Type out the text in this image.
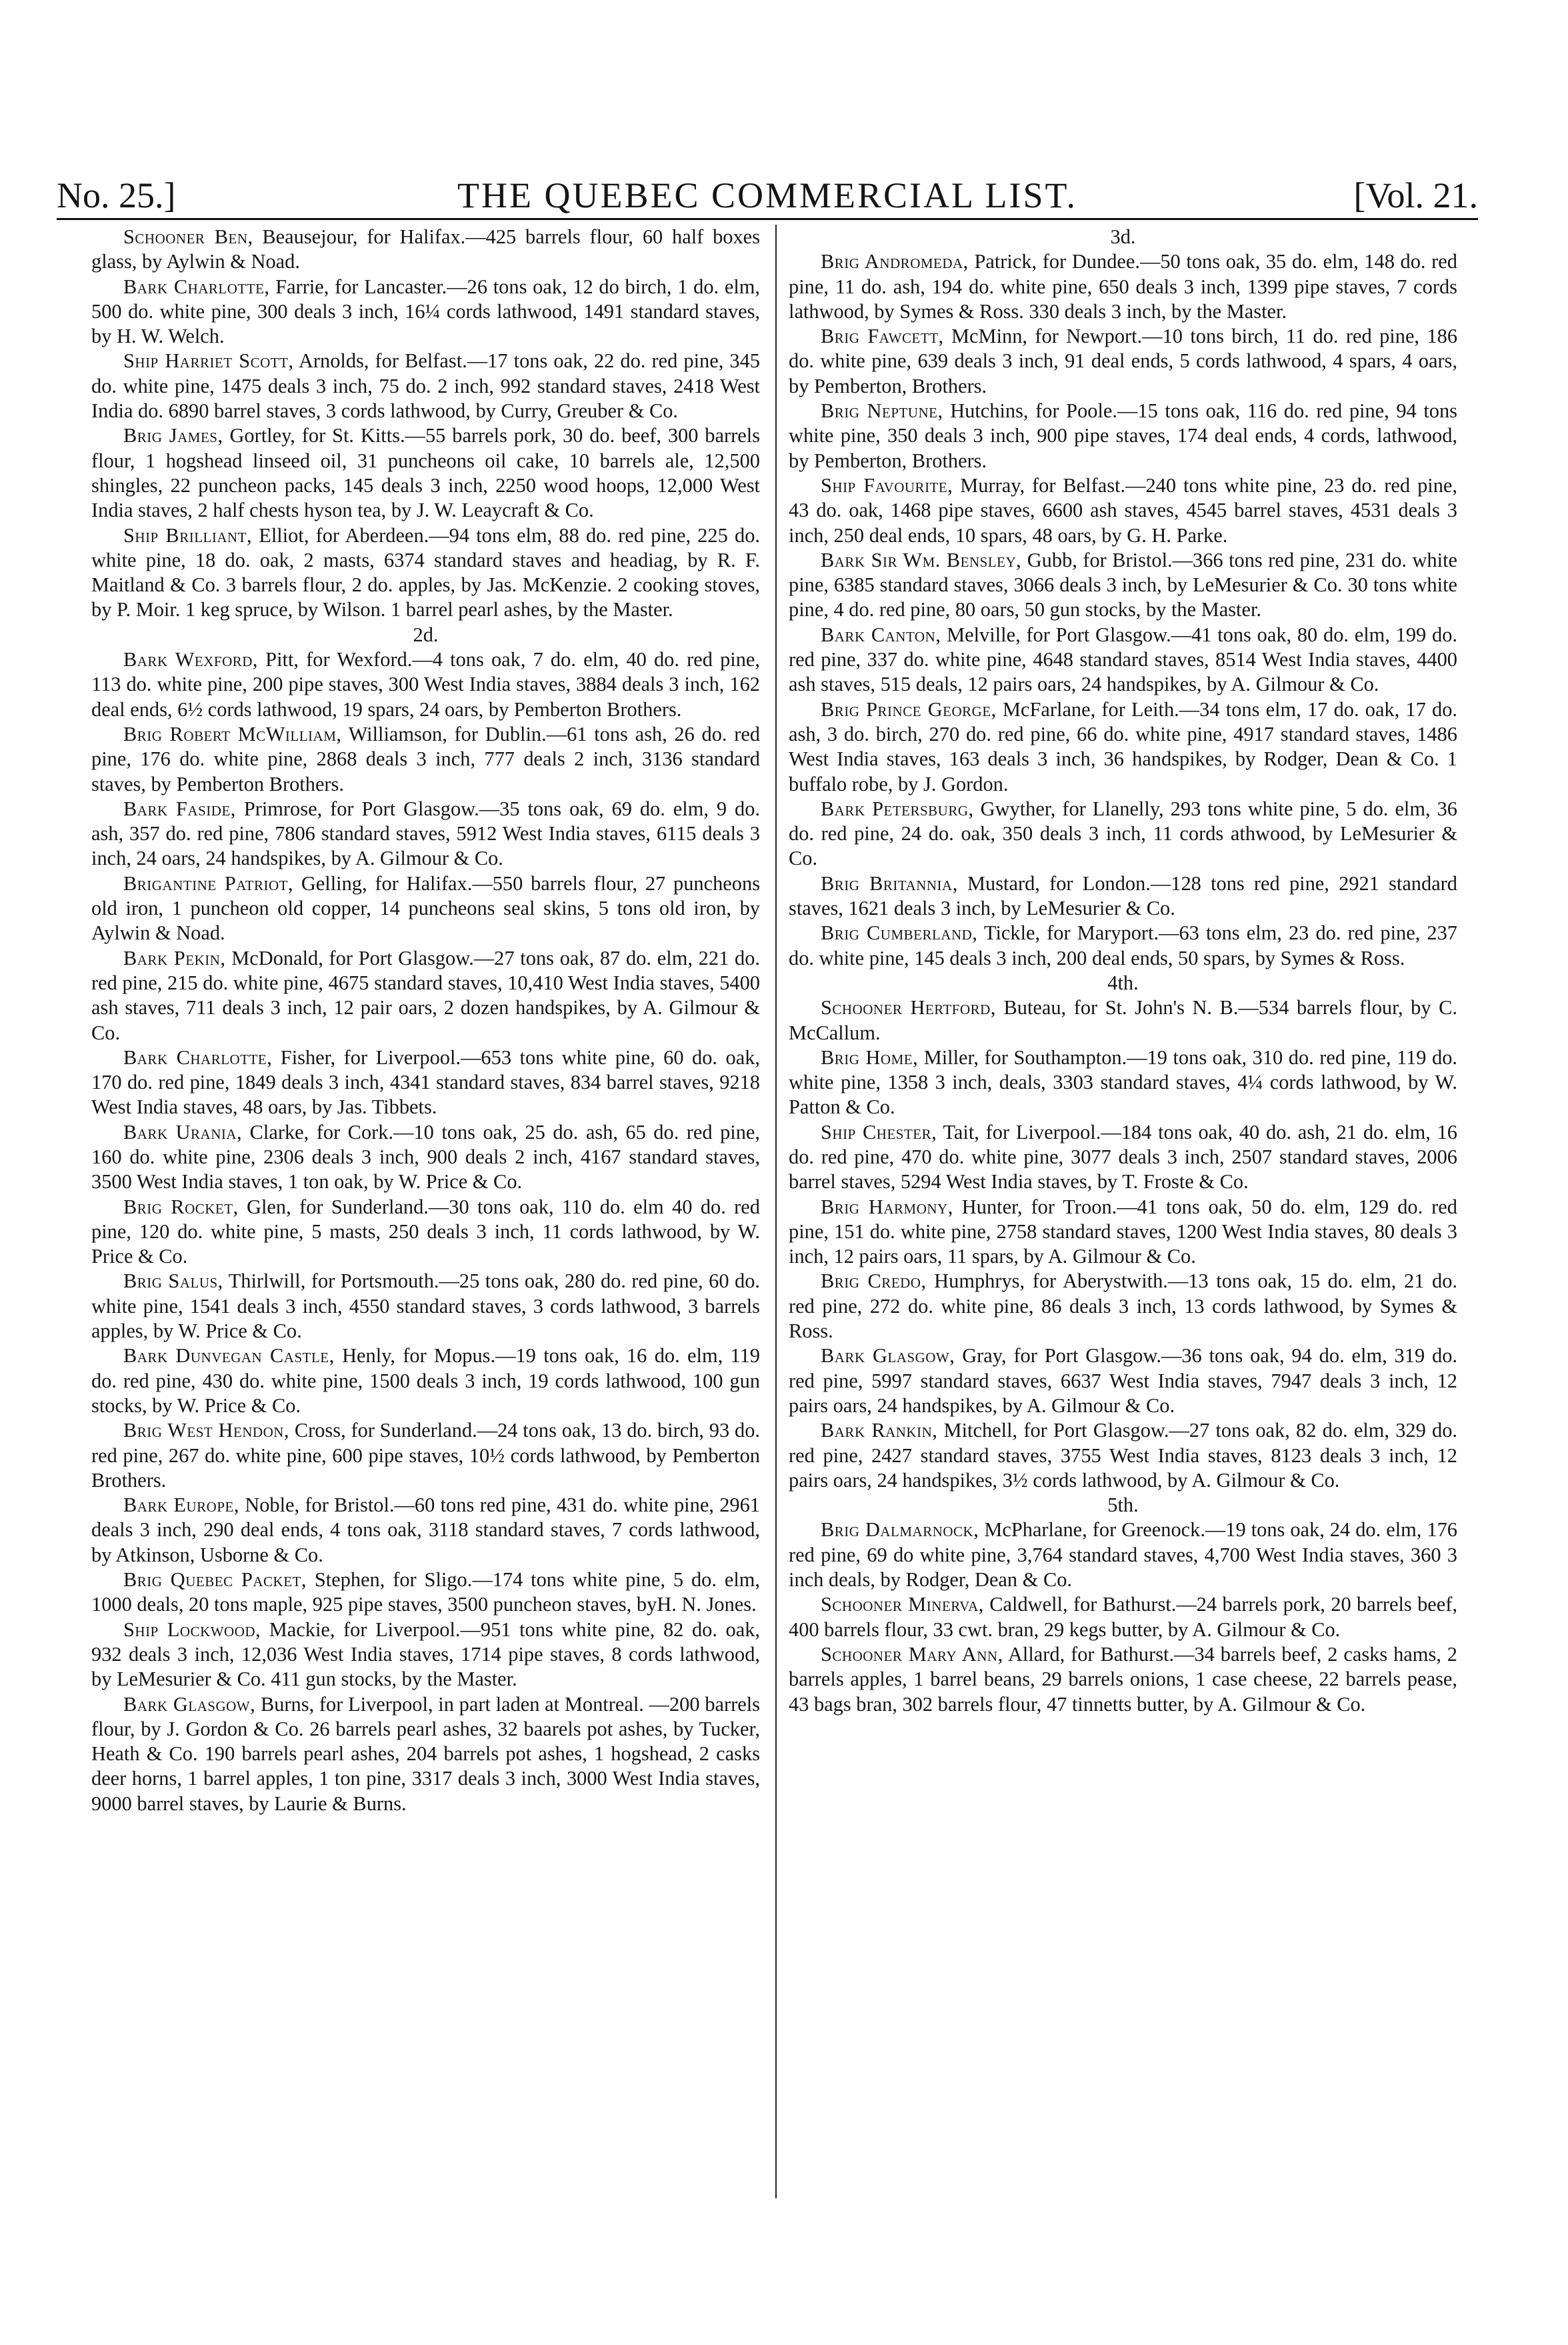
No. 25.]	THE QUEBEC COMMERCIAL LIST.	[Vol. 21.

Schooner Ben, Beausejour, for Halifax.—425 barrels flour, 60 half boxes glass, by Aylwin & Noad.

Bark Charlotte, Farrie, for Lancaster.—26 tons oak, 12 do birch, 1 do. elm, 500 do. white pine, 300 deals 3 inch, 16¼ cords lathwood, 1491 standard staves, by H. W. Welch.

Ship Harriet Scott, Arnolds, for Belfast.—17 tons oak, 22 do. red pine, 345 do. white pine, 1475 deals 3 inch, 75 do. 2 inch, 992 standard staves, 2418 West India do. 6890 barrel staves, 3 cords lathwood, by Curry, Greuber & Co.

Brig James, Gortley, for St. Kitts.—55 barrels pork, 30 do. beef, 300 barrels flour, 1 hogshead linseed oil, 31 puncheons oil cake, 10 barrels ale, 12,500 shingles, 22 puncheon packs, 145 deals 3 inch, 2250 wood hoops, 12,000 West India staves, 2 half chests hyson tea, by J. W. Leaycraft & Co.

Ship Brilliant, Elliot, for Aberdeen.—94 tons elm, 88 do. red pine, 225 do. white pine, 18 do. oak, 2 masts, 6374 standard staves and headiag, by R. F. Maitland & Co. 3 barrels flour, 2 do. apples, by Jas. McKenzie. 2 cooking stoves, by P. Moir. 1 keg spruce, by Wilson. 1 barrel pearl ashes, by the Master.

2d.

Bark Wexford, Pitt, for Wexford.—4 tons oak, 7 do. elm, 40 do. red pine, 113 do. white pine, 200 pipe staves, 300 West India staves, 3884 deals 3 inch, 162 deal ends, 6½ cords lathwood, 19 spars, 24 oars, by Pemberton Brothers.

Brig Robert McWilliam, Williamson, for Dublin.—61 tons ash, 26 do. red pine, 176 do. white pine, 2868 deals 3 inch, 777 deals 2 inch, 3136 standard staves, by Pemberton Brothers.

Bark Faside, Primrose, for Port Glasgow.—35 tons oak, 69 do. elm, 9 do. ash, 357 do. red pine, 7806 standard staves, 5912 West India staves, 6115 deals 3 inch, 24 oars, 24 handspikes, by A. Gilmour & Co.

Brigantine Patriot, Gelling, for Halifax.—550 barrels flour, 27 puncheons old iron, 1 puncheon old copper, 14 puncheons seal skins, 5 tons old iron, by Aylwin & Noad.

Bark Pekin, McDonald, for Port Glasgow.—27 tons oak, 87 do. elm, 221 do. red pine, 215 do. white pine, 4675 standard staves, 10,410 West India staves, 5400 ash staves, 711 deals 3 inch, 12 pair oars, 2 dozen handspikes, by A. Gilmour & Co.

Bark Charlotte, Fisher, for Liverpool.—653 tons white pine, 60 do. oak, 170 do. red pine, 1849 deals 3 inch, 4341 standard staves, 834 barrel staves, 9218 West India staves, 48 oars, by Jas. Tibbets.

Bark Urania, Clarke, for Cork.—10 tons oak, 25 do. ash, 65 do. red pine, 160 do. white pine, 2306 deals 3 inch, 900 deals 2 inch, 4167 standard staves, 3500 West India staves, 1 ton oak, by W. Price & Co.

Brig Rocket, Glen, for Sunderland.—30 tons oak, 110 do. elm 40 do. red pine, 120 do. white pine, 5 masts, 250 deals 3 inch, 11 cords lathwood, by W. Price & Co.

Brig Salus, Thirlwill, for Portsmouth.—25 tons oak, 280 do. red pine, 60 do. white pine, 1541 deals 3 inch, 4550 standard staves, 3 cords lathwood, 3 barrels apples, by W. Price & Co.

Bark Dunvegan Castle, Henly, for Mopus.—19 tons oak, 16 do. elm, 119 do. red pine, 430 do. white pine, 1500 deals 3 inch, 19 cords lathwood, 100 gun stocks, by W. Price & Co.

Brig West Hendon, Cross, for Sunderland.—24 tons oak, 13 do. birch, 93 do. red pine, 267 do. white pine, 600 pipe staves, 10½ cords lathwood, by Pemberton Brothers.

Bark Europe, Noble, for Bristol.—60 tons red pine, 431 do. white pine, 2961 deals 3 inch, 290 deal ends, 4 tons oak, 3118 standard staves, 7 cords lathwood, by Atkinson, Usborne & Co.

Brig Quebec Packet, Stephen, for Sligo.—174 tons white pine, 5 do. elm, 1000 deals, 20 tons maple, 925 pipe staves, 3500 puncheon staves, byH. N. Jones.

Ship Lockwood, Mackie, for Liverpool.—951 tons white pine, 82 do. oak, 932 deals 3 inch, 12,036 West India staves, 1714 pipe staves, 8 cords lathwood, by LeMesurier & Co. 411 gun stocks, by the Master.

Bark Glasgow, Burns, for Liverpool, in part laden at Montreal. —200 barrels flour, by J. Gordon & Co. 26 barrels pearl ashes, 32 baarels pot ashes, by Tucker, Heath & Co. 190 barrels pearl ashes, 204 barrels pot ashes, 1 hogshead, 2 casks deer horns, 1 barrel apples, 1 ton pine, 3317 deals 3 inch, 3000 West India staves, 9000 barrel staves, by Laurie & Burns.

3d.

Brig Andromeda, Patrick, for Dundee.—50 tons oak, 35 do. elm, 148 do. red pine, 11 do. ash, 194 do. white pine, 650 deals 3 inch, 1399 pipe staves, 7 cords lathwood, by Symes & Ross. 330 deals 3 inch, by the Master.

Brig Fawcett, McMinn, for Newport.—10 tons birch, 11 do. red pine, 186 do. white pine, 639 deals 3 inch, 91 deal ends, 5 cords lathwood, 4 spars, 4 oars, by Pemberton, Brothers.

Brig Neptune, Hutchins, for Poole.—15 tons oak, 116 do. red pine, 94 tons white pine, 350 deals 3 inch, 900 pipe staves, 174 deal ends, 4 cords, lathwood, by Pemberton, Brothers.

Ship Favourite, Murray, for Belfast.—240 tons white pine, 23 do. red pine, 43 do. oak, 1468 pipe staves, 6600 ash staves, 4545 barrel staves, 4531 deals 3 inch, 250 deal ends, 10 spars, 48 oars, by G. H. Parke.

Bark Sir Wm. Bensley, Gubb, for Bristol.—366 tons red pine, 231 do. white pine, 6385 standard staves, 3066 deals 3 inch, by LeMesurier & Co. 30 tons white pine, 4 do. red pine, 80 oars, 50 gun stocks, by the Master.

Bark Canton, Melville, for Port Glasgow.—41 tons oak, 80 do. elm, 199 do. red pine, 337 do. white pine, 4648 standard staves, 8514 West India staves, 4400 ash staves, 515 deals, 12 pairs oars, 24 handspikes, by A. Gilmour & Co.

Brig Prince George, McFarlane, for Leith.—34 tons elm, 17 do. oak, 17 do. ash, 3 do. birch, 270 do. red pine, 66 do. white pine, 4917 standard staves, 1486 West India staves, 163 deals 3 inch, 36 handspikes, by Rodger, Dean & Co. 1 buffalo robe, by J. Gordon.

Bark Petersburg, Gwyther, for Llanelly, 293 tons white pine, 5 do. elm, 36 do. red pine, 24 do. oak, 350 deals 3 inch, 11 cords athwood, by LeMesurier & Co.

Brig Britannia, Mustard, for London.—128 tons red pine, 2921 standard staves, 1621 deals 3 inch, by LeMesurier & Co.

Brig Cumberland, Tickle, for Maryport.—63 tons elm, 23 do. red pine, 237 do. white pine, 145 deals 3 inch, 200 deal ends, 50 spars, by Symes & Ross.

4th.

Schooner Hertford, Buteau, for St. John's N. B.—534 barrels flour, by C. McCallum.

Brig Home, Miller, for Southampton.—19 tons oak, 310 do. red pine, 119 do. white pine, 1358 3 inch, deals, 3303 standard staves, 4¼ cords lathwood, by W. Patton & Co.

Ship Chester, Tait, for Liverpool.—184 tons oak, 40 do. ash, 21 do. elm, 16 do. red pine, 470 do. white pine, 3077 deals 3 inch, 2507 standard staves, 2006 barrel staves, 5294 West India staves, by T. Froste & Co.

Brig Harmony, Hunter, for Troon.—41 tons oak, 50 do. elm, 129 do. red pine, 151 do. white pine, 2758 standard staves, 1200 West India staves, 80 deals 3 inch, 12 pairs oars, 11 spars, by A. Gilmour & Co.

Brig Credo, Humphrys, for Aberystwith.—13 tons oak, 15 do. elm, 21 do. red pine, 272 do. white pine, 86 deals 3 inch, 13 cords lathwood, by Symes & Ross.

Bark Glasgow, Gray, for Port Glasgow.—36 tons oak, 94 do. elm, 319 do. red pine, 5997 standard staves, 6637 West India staves, 7947 deals 3 inch, 12 pairs oars, 24 handspikes, by A. Gilmour & Co.

Bark Rankin, Mitchell, for Port Glasgow.—27 tons oak, 82 do. elm, 329 do. red pine, 2427 standard staves, 3755 West India staves, 8123 deals 3 inch, 12 pairs oars, 24 handspikes, 3½ cords lathwood, by A. Gilmour & Co.

5th.

Brig Dalmarnock, McPharlane, for Greenock.—19 tons oak, 24 do. elm, 176 red pine, 69 do white pine, 3,764 standard staves, 4,700 West India staves, 360 3 inch deals, by Rodger, Dean & Co.

Schooner Minerva, Caldwell, for Bathurst.—24 barrels pork, 20 barrels beef, 400 barrels flour, 33 cwt. bran, 29 kegs butter, by A. Gilmour & Co.

Schooner Mary Ann, Allard, for Bathurst.—34 barrels beef, 2 casks hams, 2 barrels apples, 1 barrel beans, 29 barrels onions, 1 case cheese, 22 barrels pease, 43 bags bran, 302 barrels flour, 47 tinnetts butter, by A. Gilmour & Co.
